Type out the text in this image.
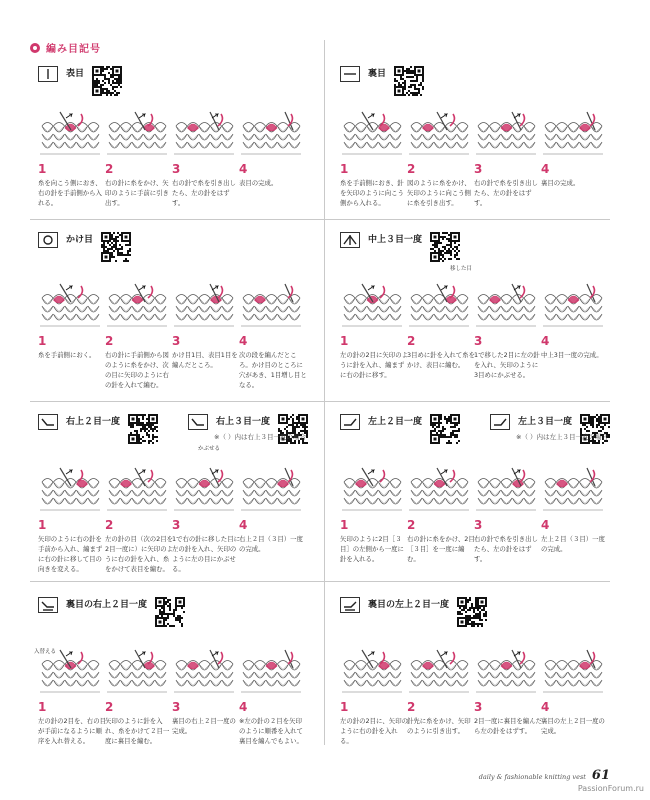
編み目記号
表目
1
糸を向こう側におき、右の針を手前側から入れる。
2
右の針に糸をかけ、矢印のように手前に引き出す。
3
右の針で糸を引き出したら、左の針をはずす。
4
表目の完成。
裏目
1
糸を手前側におき、針を矢印のように向こう側から入れる。
2
図のように糸をかけ、矢印のように向こう側に糸を引き出す。
3
右の針で糸を引き出したら、左の針をはずす。
4
裏目の完成。
かけ目
1
糸を手前側におく。
2
右の針に手前側から図のように糸をかけ、次の目に矢印のように右の針を入れて編む。
3
かけ目1目、表目1目を編んだところ。
4
次の段を編んだところ。かけ目のところに穴があき、1目増し目となる。
中上３目一度
移した目
1
左の針の2目に矢印のように針を入れ、編まずに右の針に移す。
2
3目めに針を入れて糸をかけ、表目に編む。
3
1で移した2目に左の針を入れ、矢印のように3目めにかぶせる。
4
中上3目一度の完成。
右上２目一度	右上３目一度
※（ ）内は右上３目一度の場合
かぶせる
1
矢印のように右の針を手前から入れ、編まずに右の針に移して目の向きを変える。
2
左の針の目（次の2目を2目一度に）に矢印のように右の針を入れ、糸をかけて表目を編む。
3
1で右の針に移した目に左の針を入れ、矢印のように左の目にかぶせる。
4
右上２目（３目）一度の完成。
左上２目一度	左上３目一度
※（ ）内は左上３目一度の場合
1
矢印のように2目［３目］の左側から一度に針を入れる。
2
右の針に糸をかけ、2目［３目］を一度に編む。
3
右の針で糸を引き出したら、左の針をはずす。
4
左上２目（３目）一度の完成。
裏目の右上２目一度
入替える
1
左の針の2目を、右の目が手前になるように順序を入れ替える。
2
矢印のように針を入れ、糸をかけて２目一度に裏目を編む。
3
裏目の右上２目一度の完成。
4
※左の針の２目を矢印のように順番を入れて裏目を編んでもよい。
裏目の左上２目一度
1
左の針の2目に、矢印のように右の針を入れる。
2
針先に糸をかけ、矢印のように引き出す。
3
2目一度に裏目を編んだら左の針をはずす。
4
裏目の左上２目一度の完成。
daily & fashionable knitting vest 61
PassionForum.ru
